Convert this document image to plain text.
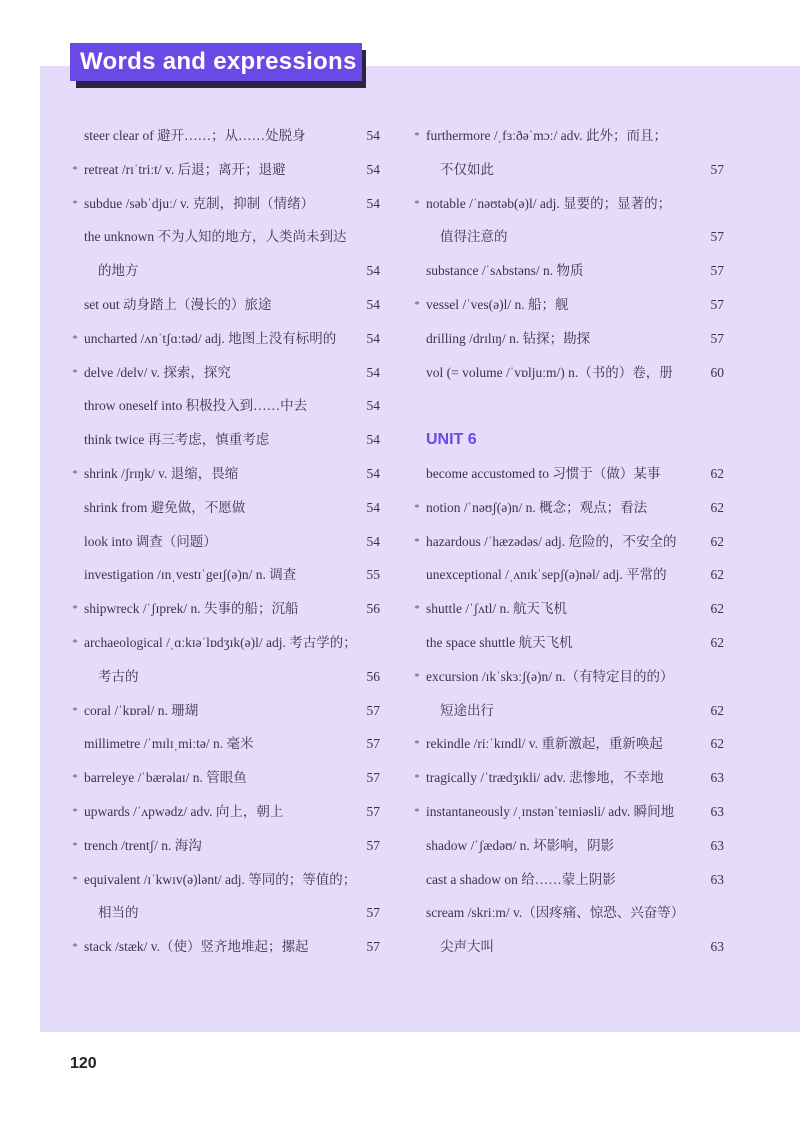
Words and expressions
steer clear of 避开……；从……处脱身	54
* retreat /rɪˈtriːt/ v. 后退；离开；退避	54
* subdue /səbˈdjuː/ v. 克制，抑制（情绪）	54
the unknown 不为人知的地方，人类尚未到达
的地方	54
set out 动身踏上（漫长的）旅途	54
* uncharted /ʌnˈtʃɑːtəd/ adj. 地图上没有标明的 54
* delve /delv/ v. 探索，探究	54
throw oneself into 积极投入到……中去	54
think twice 再三考虑，慎重考虑	54
* shrink /ʃrɪŋk/ v. 退缩，畏缩	54
shrink from 避免做，不愿做	54
look into 调查（问题）	54
investigation /ɪnˌvestɪˈgeɪʃ(ə)n/ n. 调查	55
* shipwreck /ˈʃɪprek/ n. 失事的船；沉船	56
* archaeological /ˌɑːkɪəˈlɒdʒɪk(ə)l/ adj. 考古学的；
考古的	56
* coral /ˈkɒrəl/ n. 珊瑚	57
millimetre /ˈmɪlɪˌmiːtə/ n. 毫米	57
* barreleye /ˈbærəlaɪ/ n. 管眼鱼	57
* upwards /ˈʌpwədz/ adv. 向上，朝上	57
* trench /trentʃ/ n. 海沟	57
* equivalent /ɪˈkwɪv(ə)lənt/ adj. 等同的；等值的；
相当的	57
* stack /stæk/ v.（使）竖齐地堆起；摞起	57
* furthermore /ˌfɜːðəˈmɔː/ adv. 此外；而且；
不仅如此	57
* notable /ˈnəʊtəb(ə)l/ adj. 显要的；显著的；
值得注意的	57
substance /ˈsʌbstəns/ n. 物质	57
* vessel /ˈves(ə)l/ n. 船；舰	57
drilling /drɪlɪŋ/ n. 钻探；勘探	57
vol (= volume /ˈvɒljuːm/) n.（书的）卷，册	60
UNIT 6
become accustomed to 习惯于（做）某事	62
* notion /ˈnəʊʃ(ə)n/ n. 概念；观点；看法	62
* hazardous /ˈhæzədəs/ adj. 危险的，不安全的	62
unexceptional /ˌʌnɪkˈsepʃ(ə)nəl/ adj. 平常的	62
* shuttle /ˈʃʌtl/ n. 航天飞机	62
the space shuttle 航天飞机	62
* excursion /ɪkˈskɜːʃ(ə)n/ n.（有特定目的的）
短途出行	62
* rekindle /riːˈkɪndl/ v. 重新激起，重新唤起	62
* tragically /ˈtrædʒɪkli/ adv. 悲惨地，不幸地	63
* instantaneously /ˌɪnstənˈteɪniəsli/ adv. 瞬间地	63
shadow /ˈʃædəʊ/ n. 坏影响，阴影	63
cast a shadow on 给……蒙上阴影	63
scream /skriːm/ v.（因疼痛、惊恐、兴奋等）
尖声大叫	63
120
